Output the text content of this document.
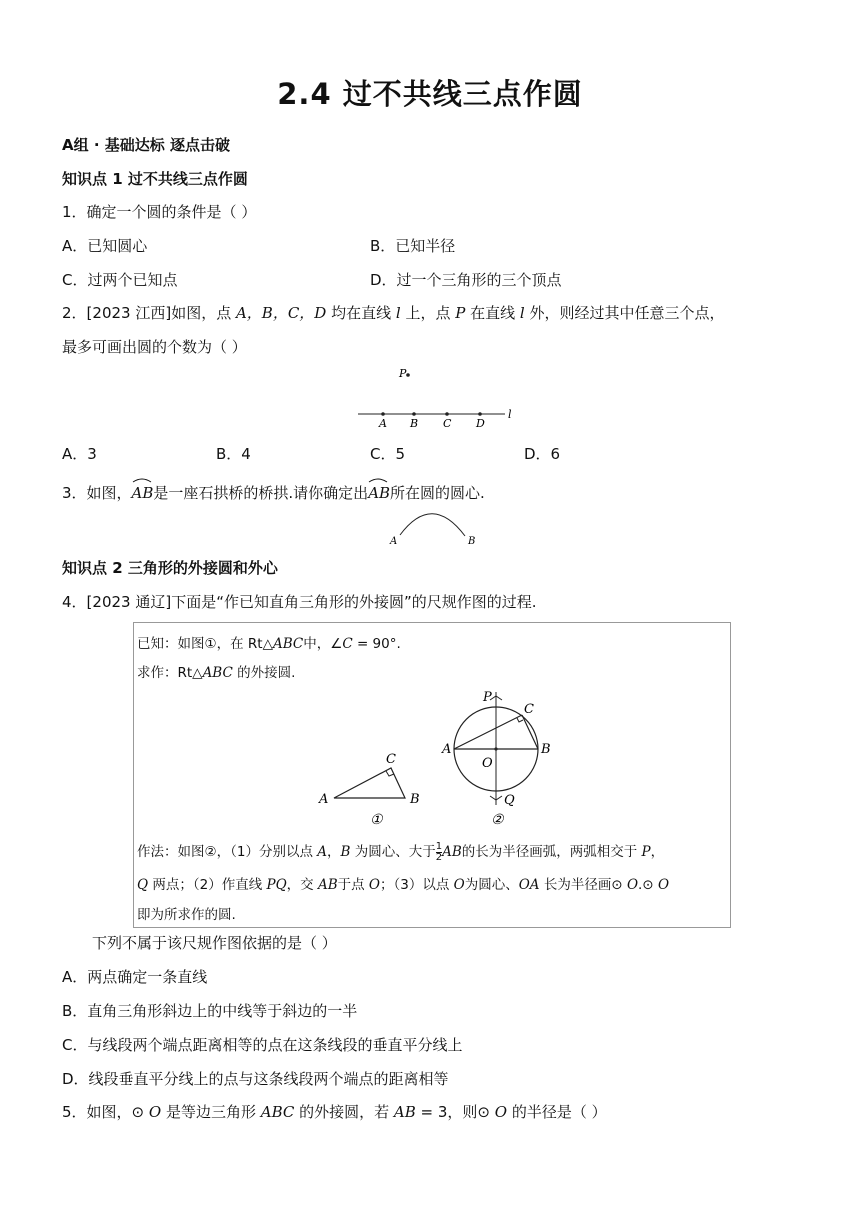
2.4 过不共线三点作圆
A组 · 基础达标 逐点击破
知识点 1 过不共线三点作圆
1．确定一个圆的条件是（ ）
A．已知圆心	B．已知半径
C．过两个已知点	D．过一个三角形的三个顶点
2．[2023 江西]如图，点 A，B，C，D 均在直线 l 上，点 P 在直线 l 外，则经过其中任意三个点，
最多可画出圆的个数为（ ）
P
A B C D
l
A．3	B．4	C．5	D．6
3．如图，
AB是一座石拱桥的桥拱.请你确定出
AB所在圆的圆心.
A	B
知识点 2 三角形的外接圆和外心
4．[2023 通辽]下面是“作已知直角三角形的外接圆”的尺规作图的过程.
已知：如图①，在 Rt△ABC中，∠C = 90°.
求作：Rt△ABC 的外接圆.
A	B
C
①
P
Q
A	B
C
O
②
作法：如图②，（1）分别以点 A，B 为圆心、大于 $\frac{1}{2}$ AB的长为半径画弧，两弧相交于 P，
Q 两点；（2）作直线 PQ，交 AB于点 O；（3）以点 O为圆心、OA 长为半径画⊙ O.⊙ O
即为所求作的圆.
下列不属于该尺规作图依据的是（ ）
A．两点确定一条直线
B．直角三角形斜边上的中线等于斜边的一半
C．与线段两个端点距离相等的点在这条线段的垂直平分线上
D．线段垂直平分线上的点与这条线段两个端点的距离相等
5．如图，⊙ O 是等边三角形 ABC 的外接圆，若 AB = 3，则⊙ O 的半径是（ ）
